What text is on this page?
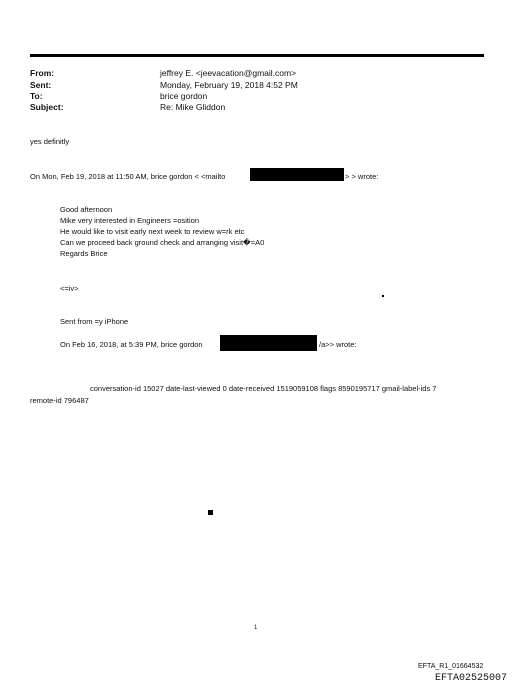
From:	jeffrey E. <jeevacation@gmail.com>
Sent:	Monday, February 19, 2018 4:52 PM
To:	brice gordon
Subject:	Re: Mike Gliddon
yes definitly
On Mon, Feb 19, 2018 at 11:50 AM, brice gordon < <mailto	> > wrote:
Good afternoon
Mike very interested in Engineers =osition
He would like to visit early next week to review w=rk etc
Can we proceed back ground check and arranging visit�=A0
Regards Brice
<=iv>
Sent from =y iPhone
On Feb 16, 2018, at 5:39 PM, brice gordon	/a>> wrote:
conversation-id 15027 date-last-viewed 0 date-received 1519059108 flags 8590195717 gmail-label-ids 7
remote-id 796487
1
EFTA_R1_01664532
EFTA02525007
